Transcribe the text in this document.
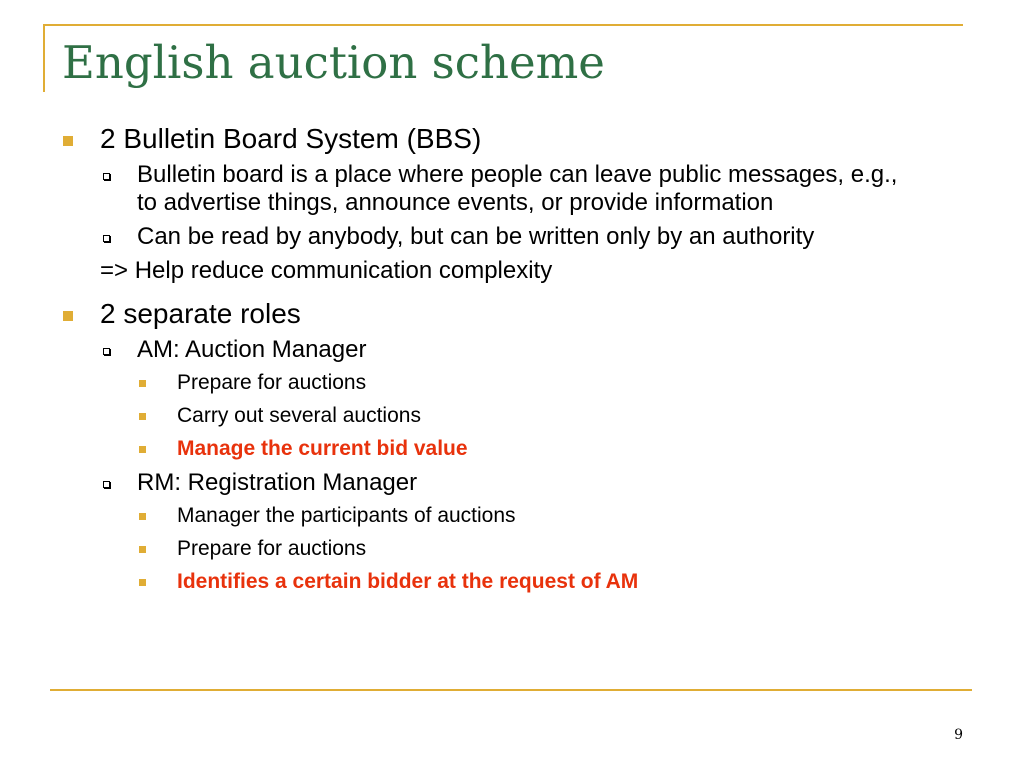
English auction scheme
2 Bulletin Board System (BBS)
Bulletin board is a place where people can leave public messages, e.g., to advertise things, announce events, or provide information
Can be read by anybody, but can be written only by an authority
=> Help reduce communication complexity
2 separate roles
AM: Auction Manager
Prepare for auctions
Carry out several auctions
Manage the current bid value
RM: Registration Manager
Manager the participants of auctions
Prepare for auctions
Identifies a certain bidder at the request of AM
9
